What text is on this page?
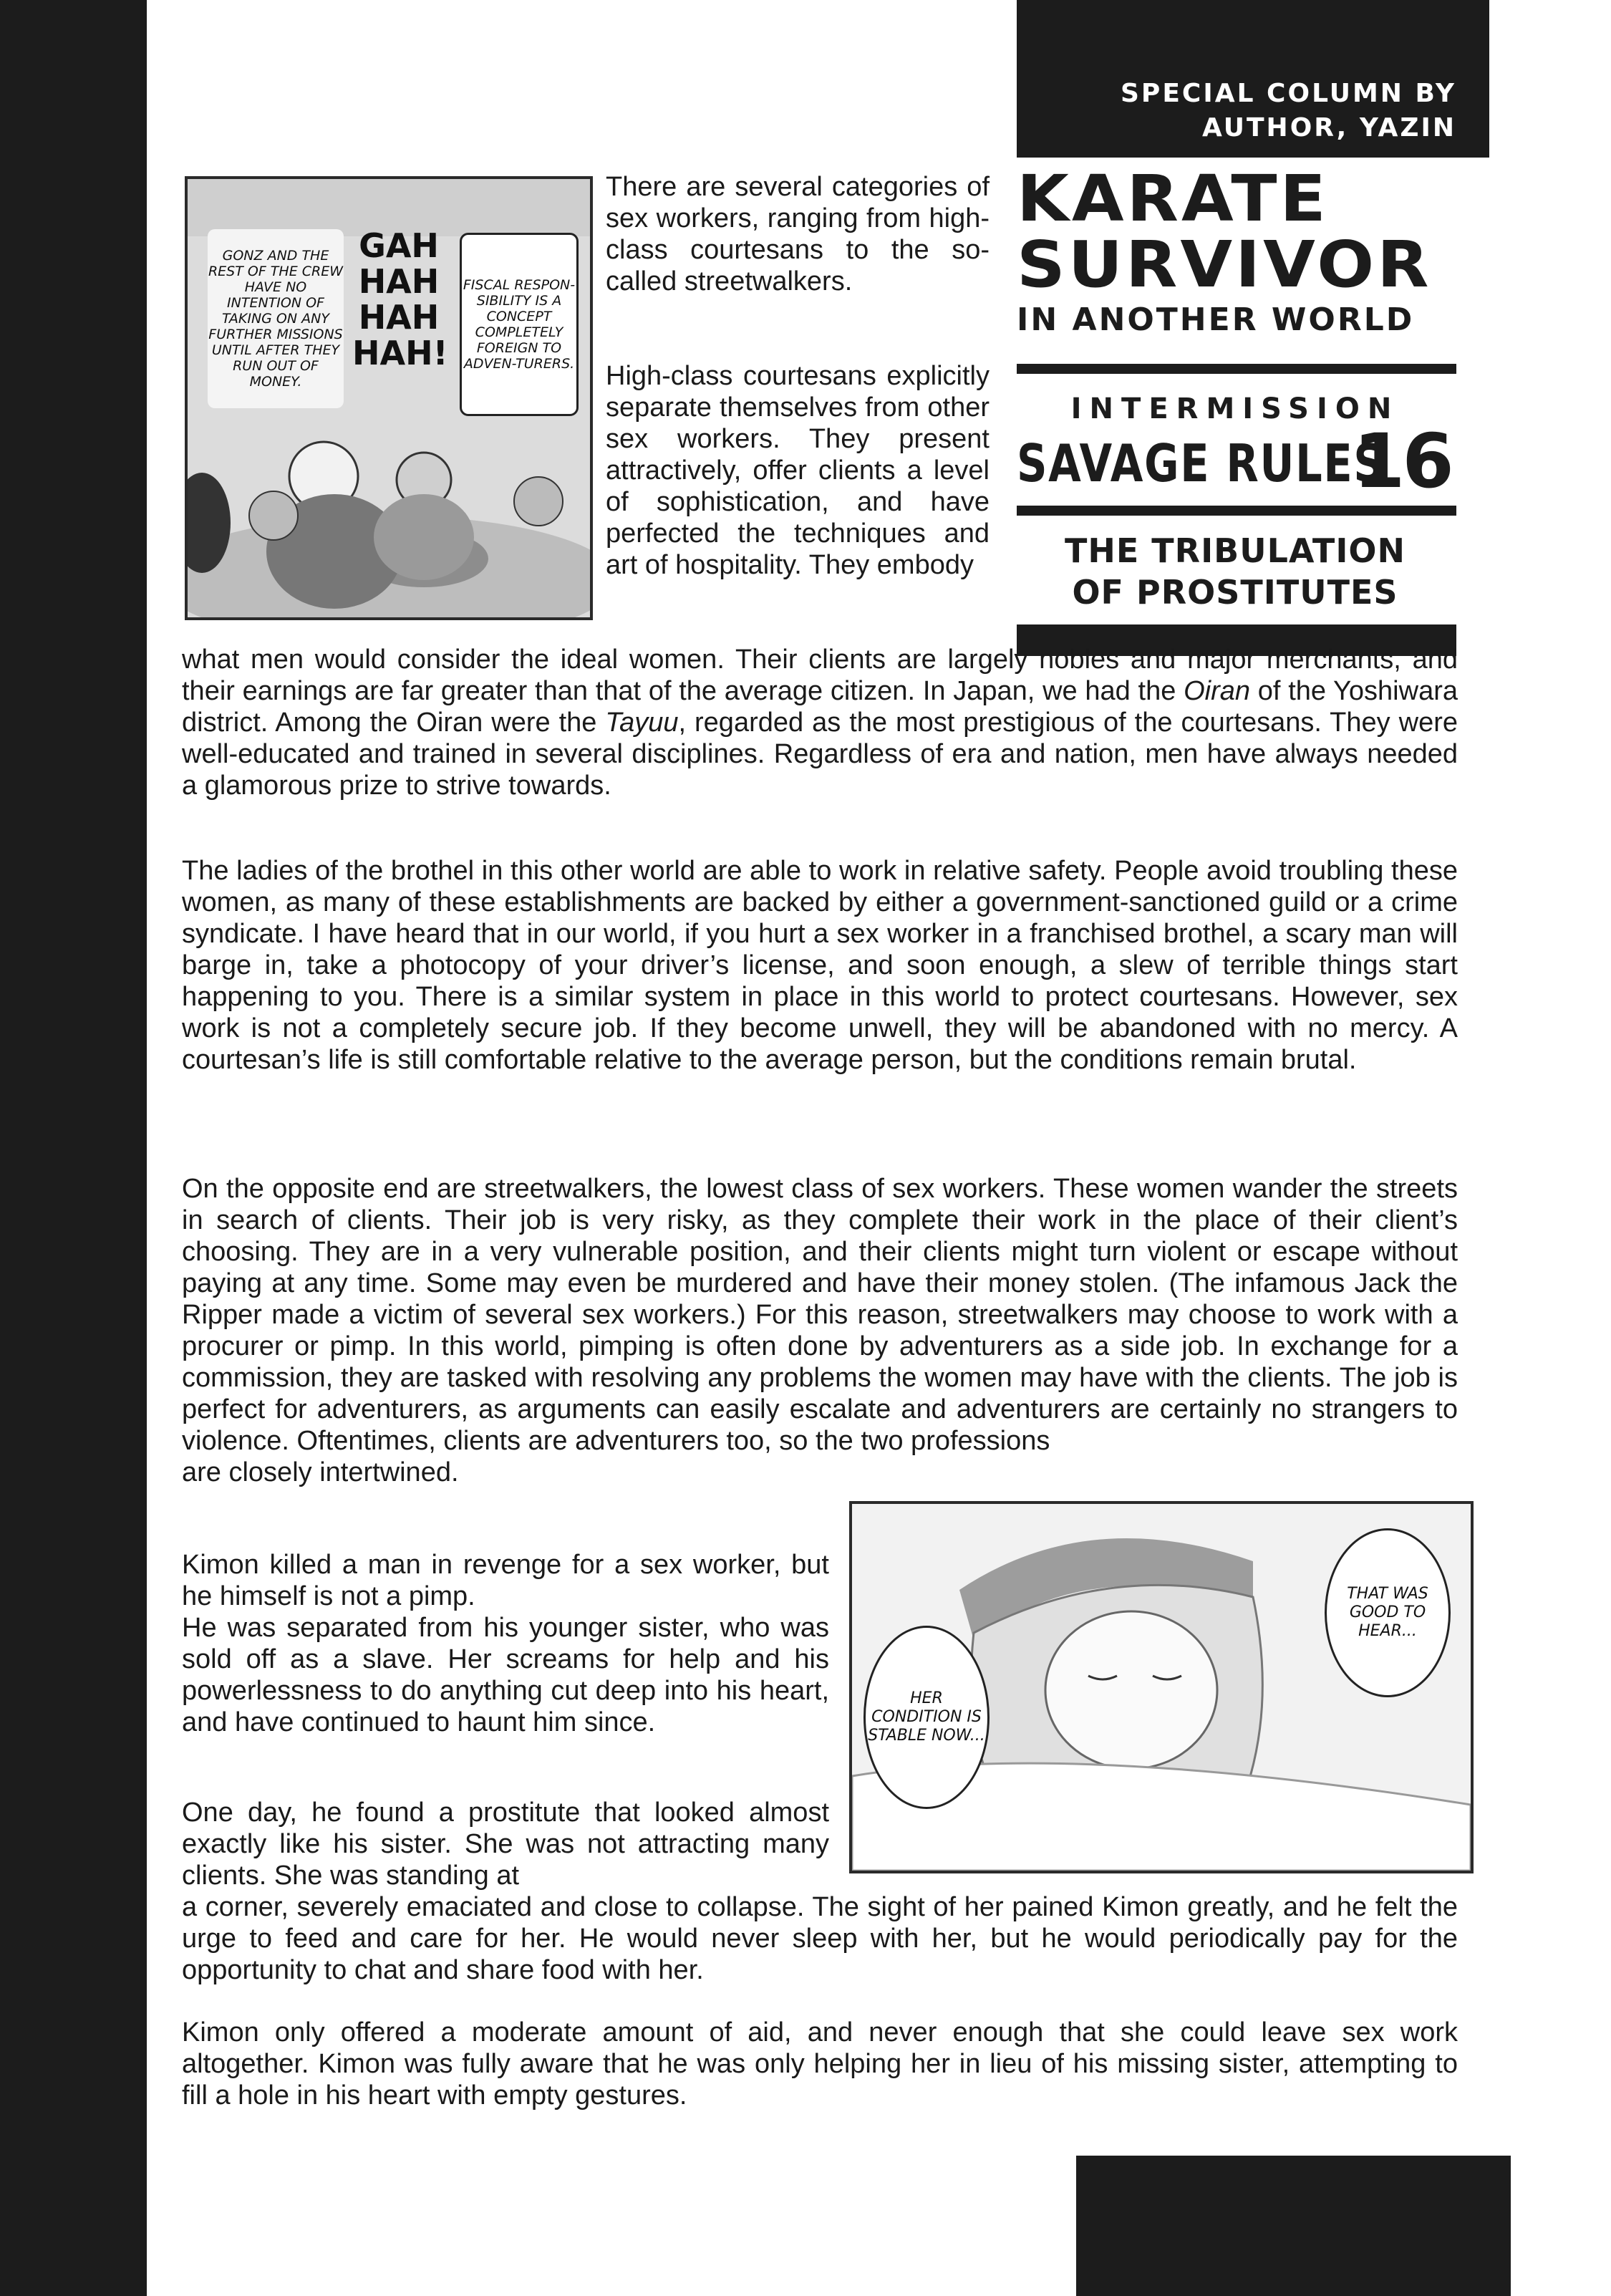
SPECIAL COLUMN BY
AUTHOR, YAZIN
KARATE
SURVIVOR
IN ANOTHER WORLD
INTERMISSION
SAVAGE RULES
16
THE TRIBULATION
OF PROSTITUTES
GONZ AND THE REST OF THE CREW HAVE NO INTENTION OF TAKING ON ANY FURTHER MISSIONS UNTIL AFTER THEY RUN OUT OF MONEY.
GAH HAH HAH HAH!
FISCAL RESPON-SIBILITY IS A CONCEPT COMPLETELY FOREIGN TO ADVEN-TURERS.

There are several categories of sex workers, ranging from high-class courtesans to the so-called streetwalkers.

High-class courtesans explicitly separate themselves from other sex workers. They present attractively, offer clients a level of sophistication, and have perfected the techniques and art of hospitality. They embody

what men would consider the ideal women. Their clients are largely nobles and major merchants, and their earnings are far greater than that of the average citizen. In Japan, we had the Oiran of the Yoshiwara district. Among the Oiran were the Tayuu, regarded as the most prestigious of the courtesans. They were well-educated and trained in several disciplines. Regardless of era and nation, men have always needed a glamorous prize to strive towards.

The ladies of the brothel in this other world are able to work in relative safety. People avoid troubling these women, as many of these establishments are backed by either a government-sanctioned guild or a crime syndicate. I have heard that in our world, if you hurt a sex worker in a franchised brothel, a scary man will barge in, take a photocopy of your driver’s license, and soon enough, a slew of terrible things start happening to you. There is a similar system in place in this world to protect courtesans. However, sex work is not a completely secure job. If they become unwell, they will be abandoned with no mercy. A courtesan’s life is still comfortable relative to the average person, but the conditions remain brutal.

On the opposite end are streetwalkers, the lowest class of sex workers. These women wander the streets in search of clients. Their job is very risky, as they complete their work in the place of their client’s choosing. They are in a very vulnerable position, and their clients might turn violent or escape without paying at any time. Some may even be murdered and have their money stolen. (The infamous Jack the Ripper made a victim of several sex workers.) For this reason, streetwalkers may choose to work with a procurer or pimp. In this world, pimping is often done by adventurers as a side job. In exchange for a commission, they are tasked with resolving any problems the women may have with the clients. The job is perfect for adventurers, as arguments can easily escalate and adventurers are certainly no strangers to violence. Oftentimes, clients are adventurers too, so the two professions

are closely intertwined.

HER CONDITION IS STABLE NOW...
THAT WAS GOOD TO HEAR...

Kimon killed a man in revenge for a sex worker, but he himself is not a pimp.

He was separated from his younger sister, who was sold off as a slave. Her screams for help and his powerlessness to do anything cut deep into his heart, and have continued to haunt him since.

One day, he found a prostitute that looked almost exactly like his sister. She was not attracting many clients. She was standing at

a corner, severely emaciated and close to collapse. The sight of her pained Kimon greatly, and he felt the urge to feed and care for her. He would never sleep with her, but he would periodically pay for the opportunity to chat and share food with her.

Kimon only offered a moderate amount of aid, and never enough that she could leave sex work altogether. Kimon was fully aware that he was only helping her in lieu of his missing sister, attempting to fill a hole in his heart with empty gestures.
